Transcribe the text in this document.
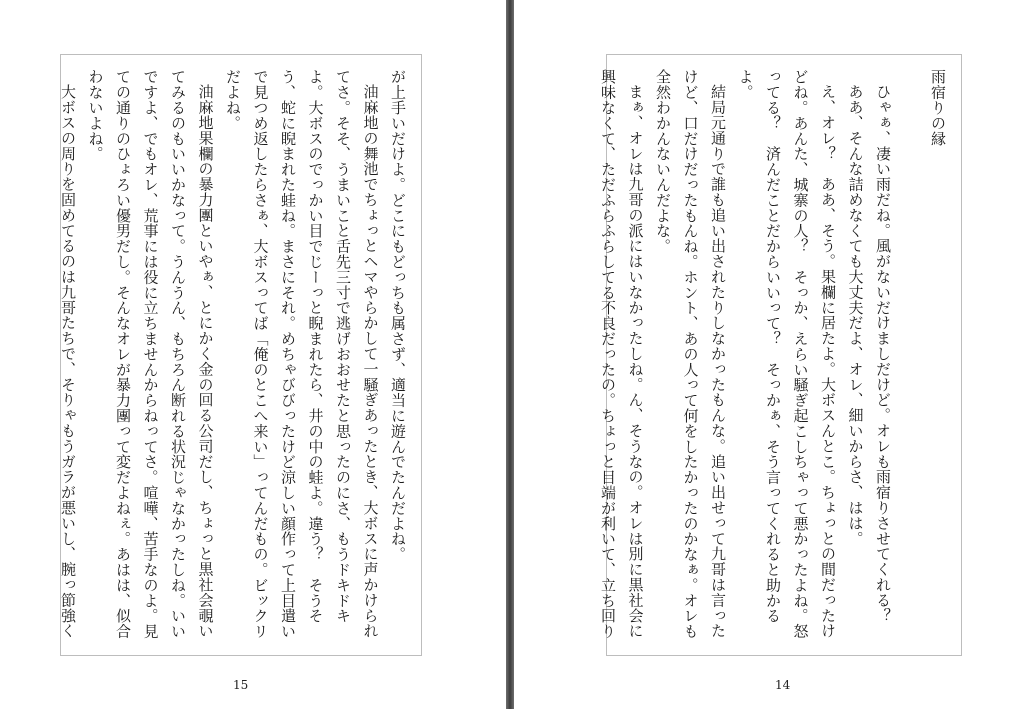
が上手いだけよ。どこにもどっちも属さず、適当に遊んでたんだよね。

油麻地の舞池でちょっとヘマやらかして一騒ぎあったとき、大ボスに声かけられてさ。そそ、うまいこと舌先三寸で逃げおおせたと思ったのにさ、もうドキドキよ。大ボスのでっかい目でじーっと睨まれたら、井の中の蛙よ。違う？　そうそう、蛇に睨まれた蛙ね。まさにそれ。めちゃびびったけど涼しい顔作って上目遣いで見つめ返したらさぁ、大ボスってば「俺のとこへ来い」ってんだもの。ビックリだよね。

油麻地果欄の暴力團といやぁ、とにかく金の回る公司だし、ちょっと黒社会覗いてみるのもいいかなって。うんうん、もちろん断れる状況じゃなかったしね。いいですよ、でもオレ、荒事には役に立ちませんからねってさ。喧嘩、苦手なのよ。見ての通りのひょろい優男だし。そんなオレが暴力團って変だよねぇ。あはは、似合わないよね。

大ボスの周りを固めてるのは九哥たちで、そりゃもうガラが悪いし、腕っ節強く

15

雨宿りの縁

ひゃぁ、凄い雨だね。風がないだけましだけど。オレも雨宿りさせてくれる？

ああ、そんな詰めなくても大丈夫だよ、オレ、細いからさ、はは。

え、オレ？　ああ、そう。果欄に居たよ。大ボスんとこ。ちょっとの間だったけどね。あんた、城寨の人？　そっか、えらい騒ぎ起こしちゃって悪かったよね。怒ってる？　済んだことだからいいって？　そっかぁ、そう言ってくれると助かるよ。

結局元通りで誰も追い出されたりしなかったもんな。追い出せって九哥は言ったけど、口だけだったもんね。ホント、あの人って何をしたかったのかなぁ。オレも全然わかんないんだよな。

まぁ、オレは九哥の派にはいなかったしね。ん、そうなの。オレは別に黒社会に興味なくて、ただふらふらしてる不良だったの。ちょっと目端が利いて、立ち回り

14
